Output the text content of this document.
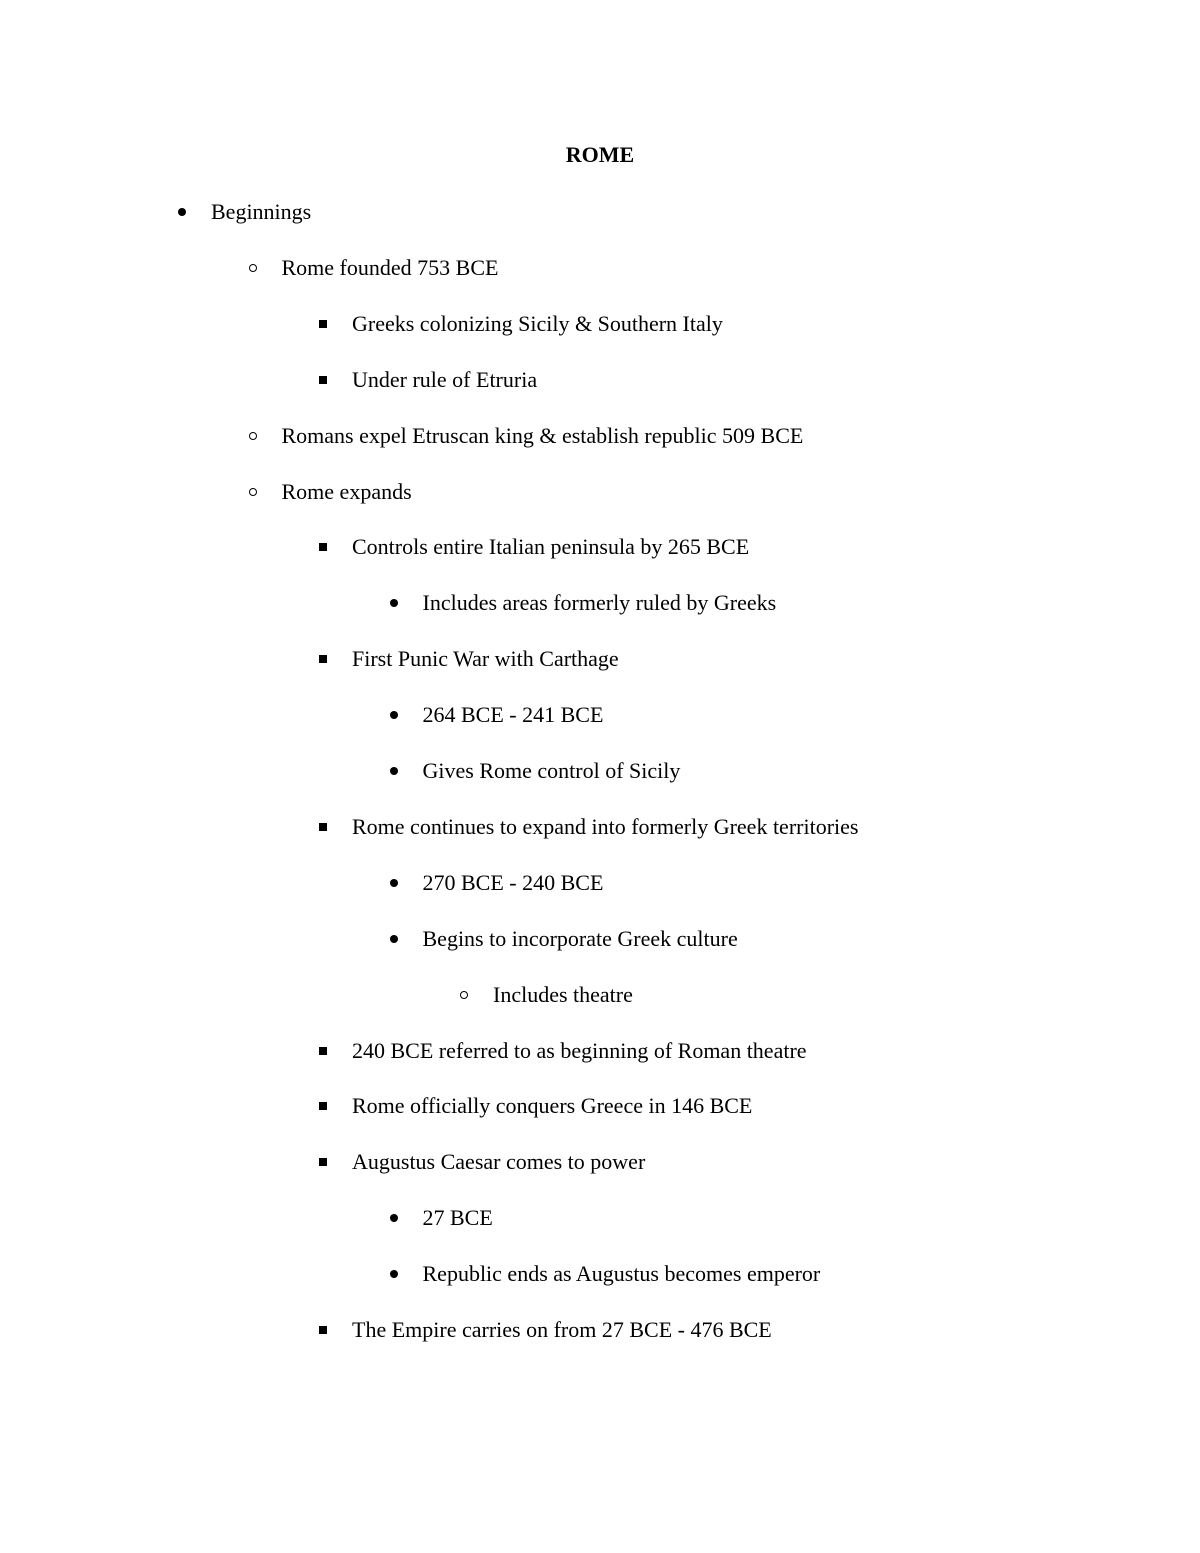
ROME
Beginnings
Rome founded 753 BCE
Greeks colonizing Sicily & Southern Italy
Under rule of Etruria
Romans expel Etruscan king & establish republic 509 BCE
Rome expands
Controls entire Italian peninsula by 265 BCE
Includes areas formerly ruled by Greeks
First Punic War with Carthage
264 BCE - 241 BCE
Gives Rome control of Sicily
Rome continues to expand into formerly Greek territories
270 BCE - 240 BCE
Begins to incorporate Greek culture
Includes theatre
240 BCE referred to as beginning of Roman theatre
Rome officially conquers Greece in 146 BCE
Augustus Caesar comes to power
27 BCE
Republic ends as Augustus becomes emperor
The Empire carries on from 27 BCE - 476 BCE
